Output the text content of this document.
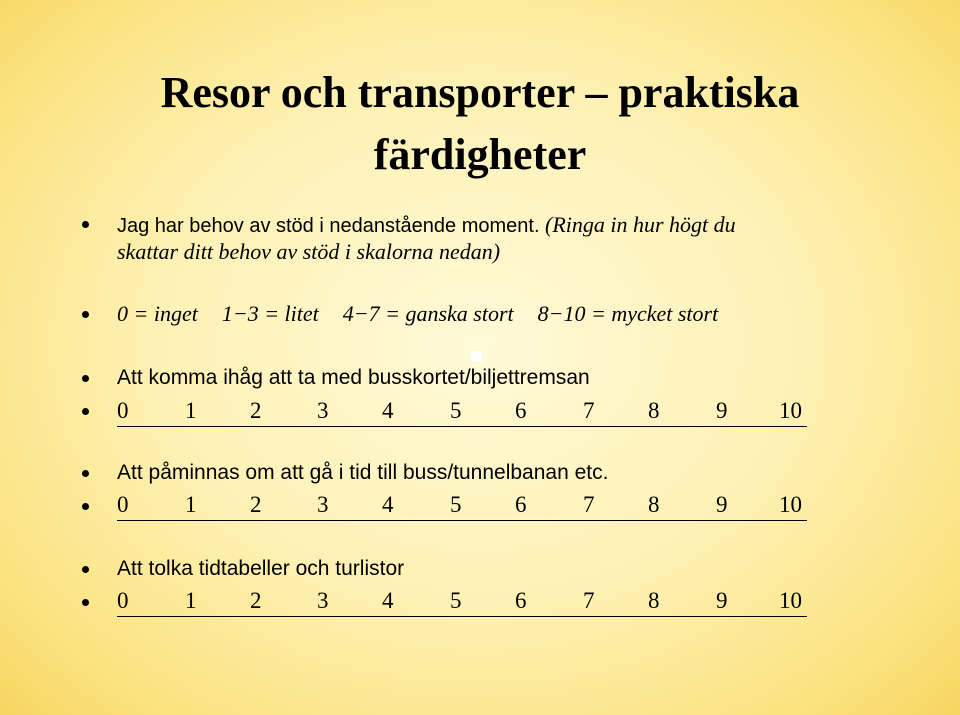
Resor och transporter – praktiska
färdigheter
Jag har behov av stöd i nedanstående moment. (Ringa in hur högt du
skattar ditt behov av stöd i skalorna nedan)
0 = inget 1−3 = litet 4−7 = ganska stort 8−10 = mycket stort
Att komma ihåg att ta med busskortet/biljettremsan
0 1 2 3 4 5 6 7 8 9 10
Att påminnas om att gå i tid till buss/tunnelbanan etc.
0 1 2 3 4 5 6 7 8 9 10
Att tolka tidtabeller och turlistor
0 1 2 3 4 5 6 7 8 9 10
